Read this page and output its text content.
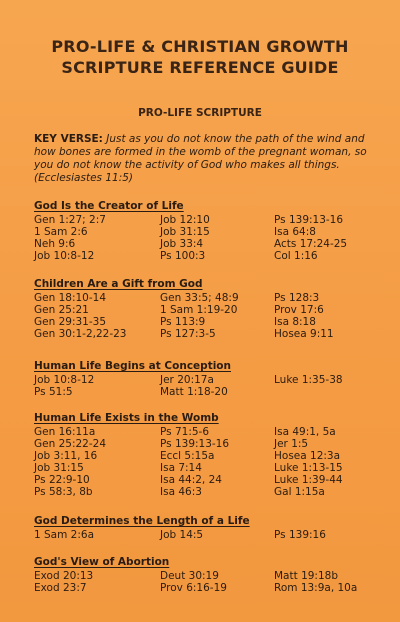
PRO-LIFE & CHRISTIAN GROWTH
SCRIPTURE REFERENCE GUIDE
PRO-LIFE SCRIPTURE
KEY VERSE: Just as you do not know the path of the wind and how bones are formed in the womb of the pregnant woman, so you do not know the activity of God who makes all things. (Ecclesiastes 11:5)
God Is the Creator of Life
Gen 1:27; 2:7	Job 12:10	Ps 139:13-16
1 Sam 2:6	Job 31:15	Isa 64:8
Neh 9:6	Job 33:4	Acts 17:24-25
Job 10:8-12	Ps 100:3	Col 1:16
Children Are a Gift from God
Gen 18:10-14	Gen 33:5; 48:9	Ps 128:3
Gen 25:21	1 Sam 1:19-20	Prov 17:6
Gen 29:31-35	Ps 113:9	Isa 8:18
Gen 30:1-2,22-23	Ps 127:3-5	Hosea 9:11
Human Life Begins at Conception
Job 10:8-12	Jer 20:17a	Luke 1:35-38
Ps 51:5	Matt 1:18-20
Human Life Exists in the Womb
Gen 16:11a	Ps 71:5-6	Isa 49:1, 5a
Gen 25:22-24	Ps 139:13-16	Jer 1:5
Job 3:11, 16	Eccl 5:15a	Hosea 12:3a
Job 31:15	Isa 7:14	Luke 1:13-15
Ps 22:9-10	Isa 44:2, 24	Luke 1:39-44
Ps 58:3, 8b	Isa 46:3	Gal 1:15a
God Determines the Length of a Life
1 Sam 2:6a	Job 14:5	Ps 139:16
God's View of Abortion
Exod 20:13	Deut 30:19	Matt 19:18b
Exod 23:7	Prov 6:16-19	Rom 13:9a, 10a
